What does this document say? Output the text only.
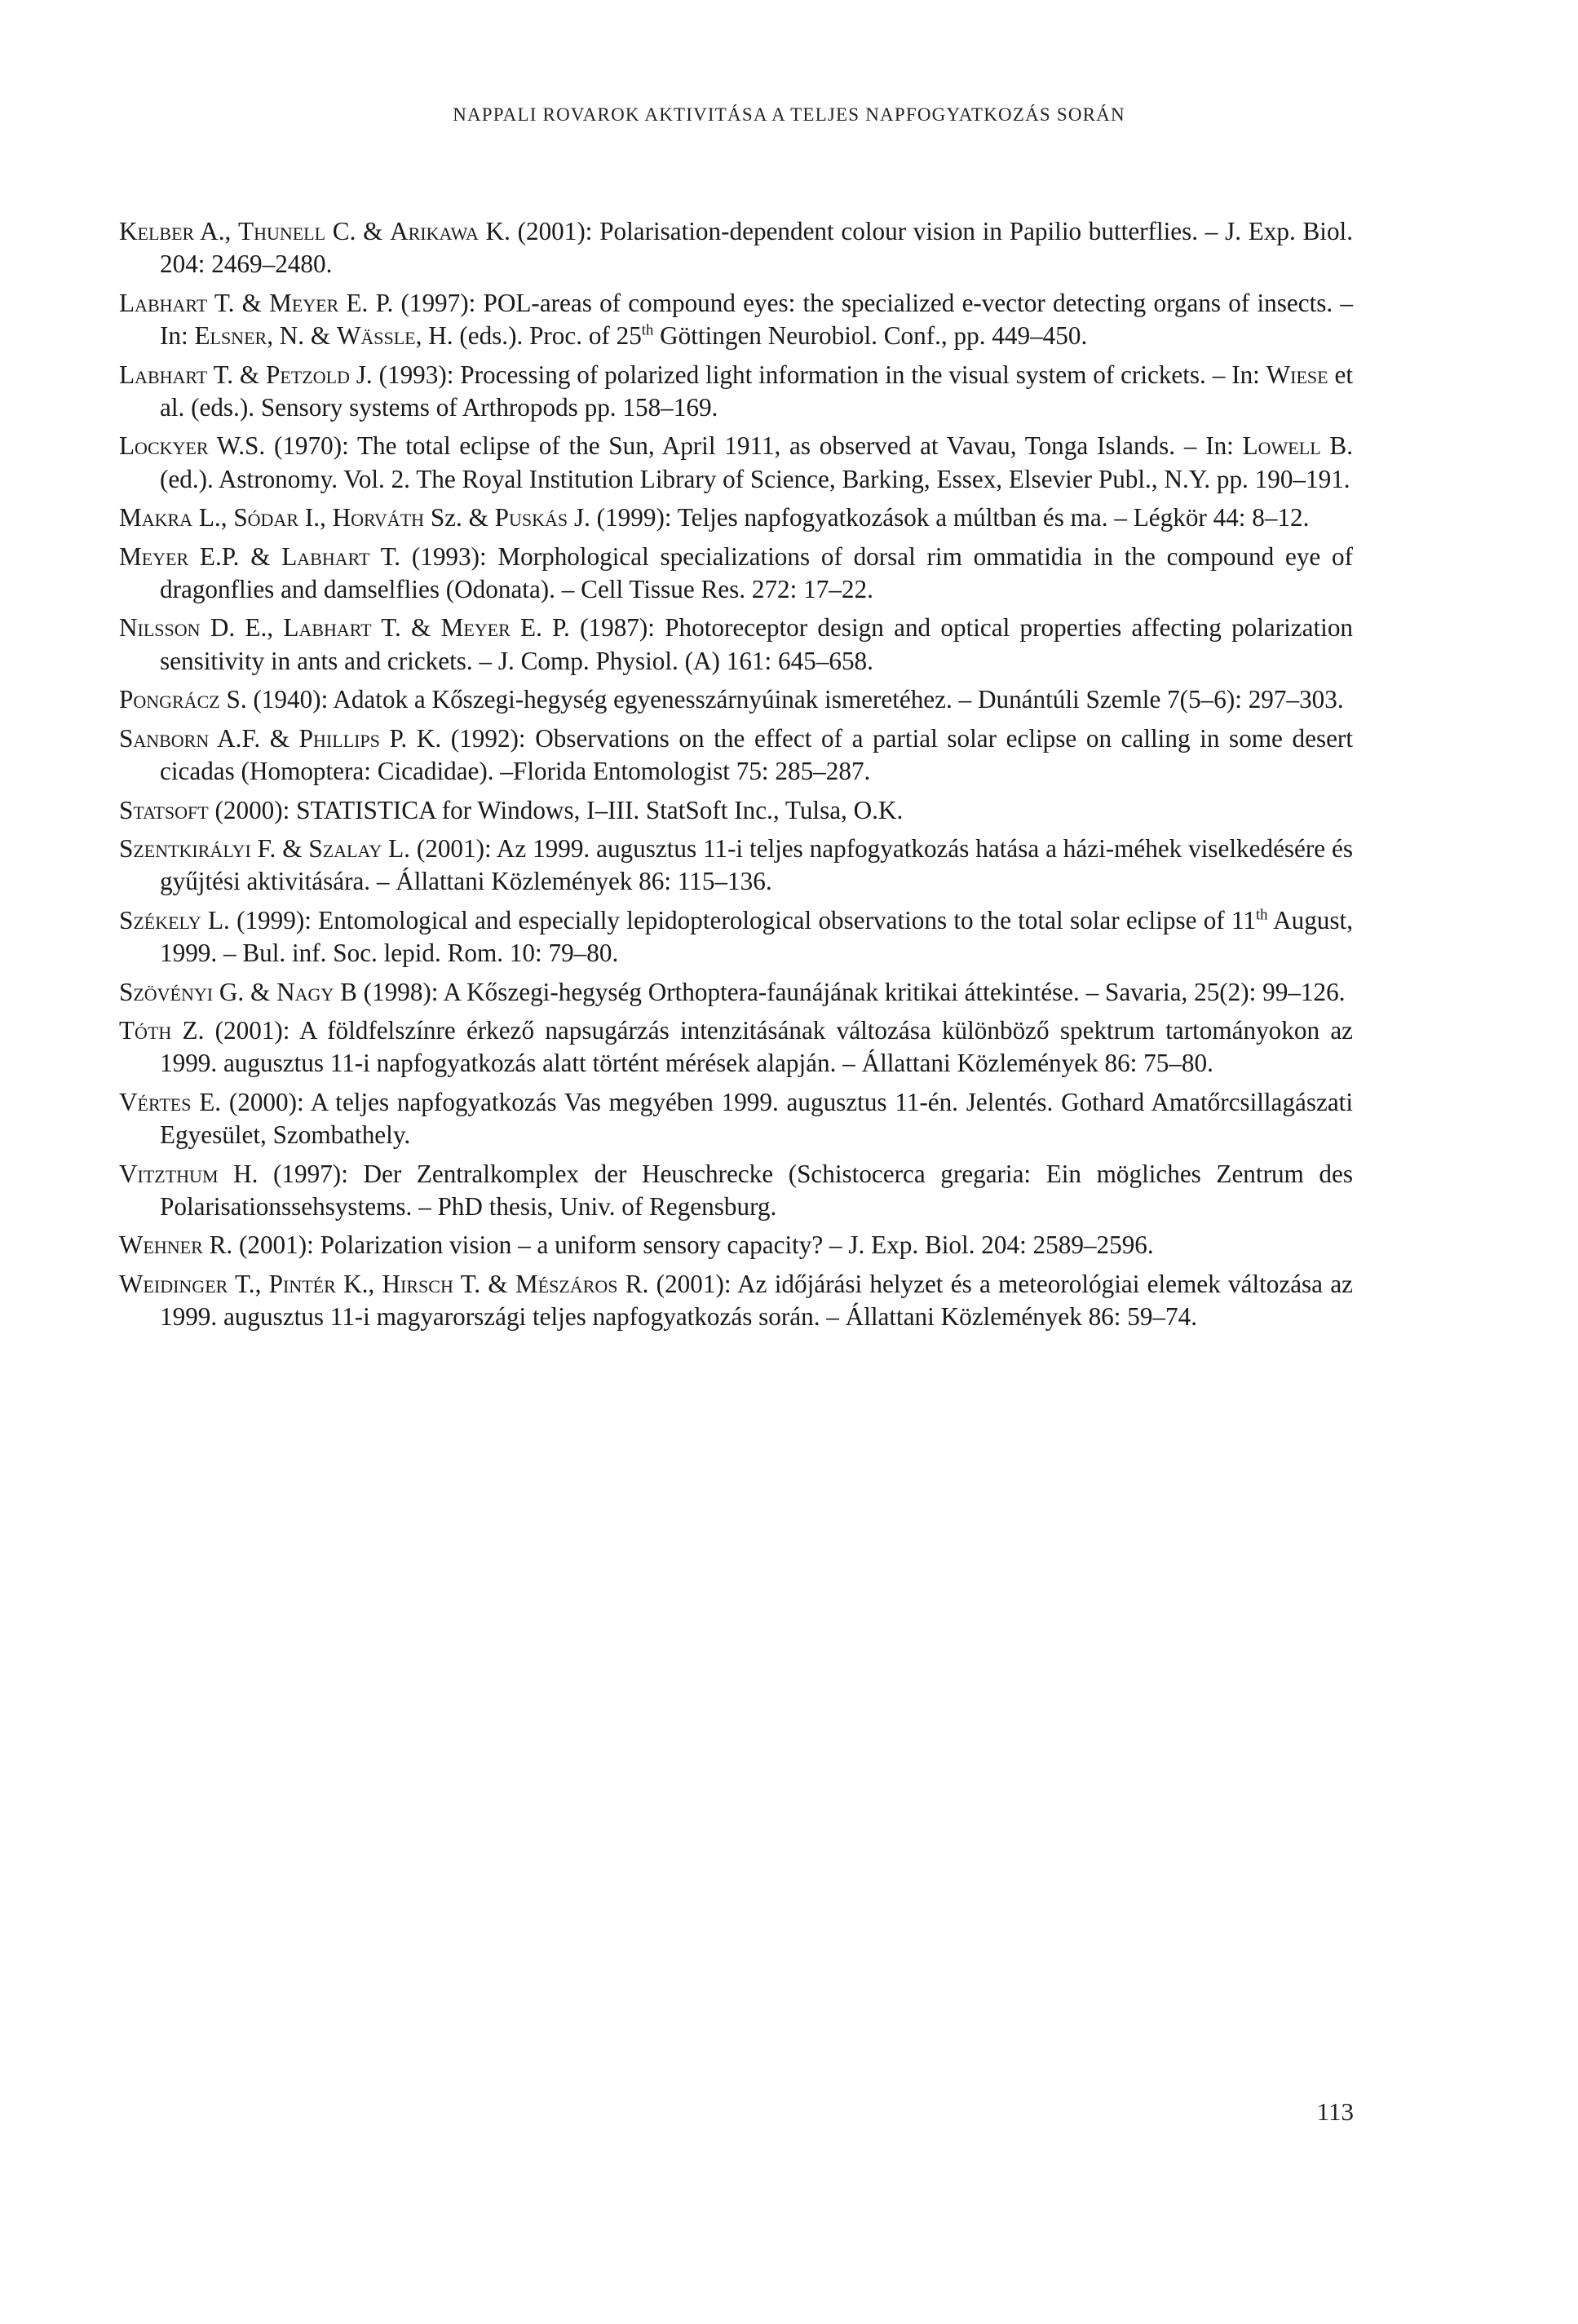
NAPPALI ROVAROK AKTIVITÁSA A TELJES NAPFOGYATKOZÁS SORÁN
Kelber A., Thunell C. & Arikawa K. (2001): Polarisation-dependent colour vision in Papilio butterflies. – J. Exp. Biol. 204: 2469–2480.
Labhart T. & Meyer E. P. (1997): POL-areas of compound eyes: the specialized e-vector detecting organs of insects. – In: Elsner, N. & Wässle, H. (eds.). Proc. of 25th Göttingen Neurobiol. Conf., pp. 449–450.
Labhart T. & Petzold J. (1993): Processing of polarized light information in the visual system of crickets. – In: Wiese et al. (eds.). Sensory systems of Arthropods pp. 158–169.
Lockyer W.S. (1970): The total eclipse of the Sun, April 1911, as observed at Vavau, Tonga Islands. – In: Lowell B. (ed.). Astronomy. Vol. 2. The Royal Institution Library of Science, Barking, Essex, Elsevier Publ., N.Y. pp. 190–191.
Makra L., Sódar I., Horváth Sz. & Puskás J. (1999): Teljes napfogyatkozások a múltban és ma. – Légkör 44: 8–12.
Meyer E.P. & Labhart T. (1993): Morphological specializations of dorsal rim ommatidia in the compound eye of dragonflies and damselflies (Odonata). – Cell Tissue Res. 272: 17–22.
Nilsson D. E., Labhart T. & Meyer E. P. (1987): Photoreceptor design and optical properties affecting polarization sensitivity in ants and crickets. – J. Comp. Physiol. (A) 161: 645–658.
Pongrácz S. (1940): Adatok a Kőszegi-hegység egyenesszárnyúinak ismeretéhez. – Dunántúli Szemle 7(5–6): 297–303.
Sanborn A.F. & Phillips P. K. (1992): Observations on the effect of a partial solar eclipse on calling in some desert cicadas (Homoptera: Cicadidae). –Florida Entomologist 75: 285–287.
Statsoft (2000): STATISTICA for Windows, I–III. StatSoft Inc., Tulsa, O.K.
Szentkirályi F. & Szalay L. (2001): Az 1999. augusztus 11-i teljes napfogyatkozás hatása a házi-méhek viselkedésére és gyűjtési aktivitására. – Állattani Közlemények 86: 115–136.
Székely L. (1999): Entomological and especially lepidopterological observations to the total solar eclipse of 11th August, 1999. – Bul. inf. Soc. lepid. Rom. 10: 79–80.
Szövényi G. & Nagy B (1998): A Kőszegi-hegység Orthoptera-faunájának kritikai áttekintése. – Savaria, 25(2): 99–126.
Tóth Z. (2001): A földfelszínre érkező napsugárzás intenzitásának változása különböző spektrum tartományokon az 1999. augusztus 11-i napfogyatkozás alatt történt mérések alapján. – Állattani Közlemények 86: 75–80.
Vértes E. (2000): A teljes napfogyatkozás Vas megyében 1999. augusztus 11-én. Jelentés. Gothard Amatőrcsillagászati Egyesület, Szombathely.
Vitzthum H. (1997): Der Zentralkomplex der Heuschrecke (Schistocerca gregaria: Ein mögliches Zentrum des Polarisationssehsystems. – PhD thesis, Univ. of Regensburg.
Wehner R. (2001): Polarization vision – a uniform sensory capacity? – J. Exp. Biol. 204: 2589–2596.
Weidinger T., Pintér K., Hirsch T. & Mészáros R. (2001): Az időjárási helyzet és a meteorológiai elemek változása az 1999. augusztus 11-i magyarországi teljes napfogyatkozás során. – Állattani Közlemények 86: 59–74.
113
